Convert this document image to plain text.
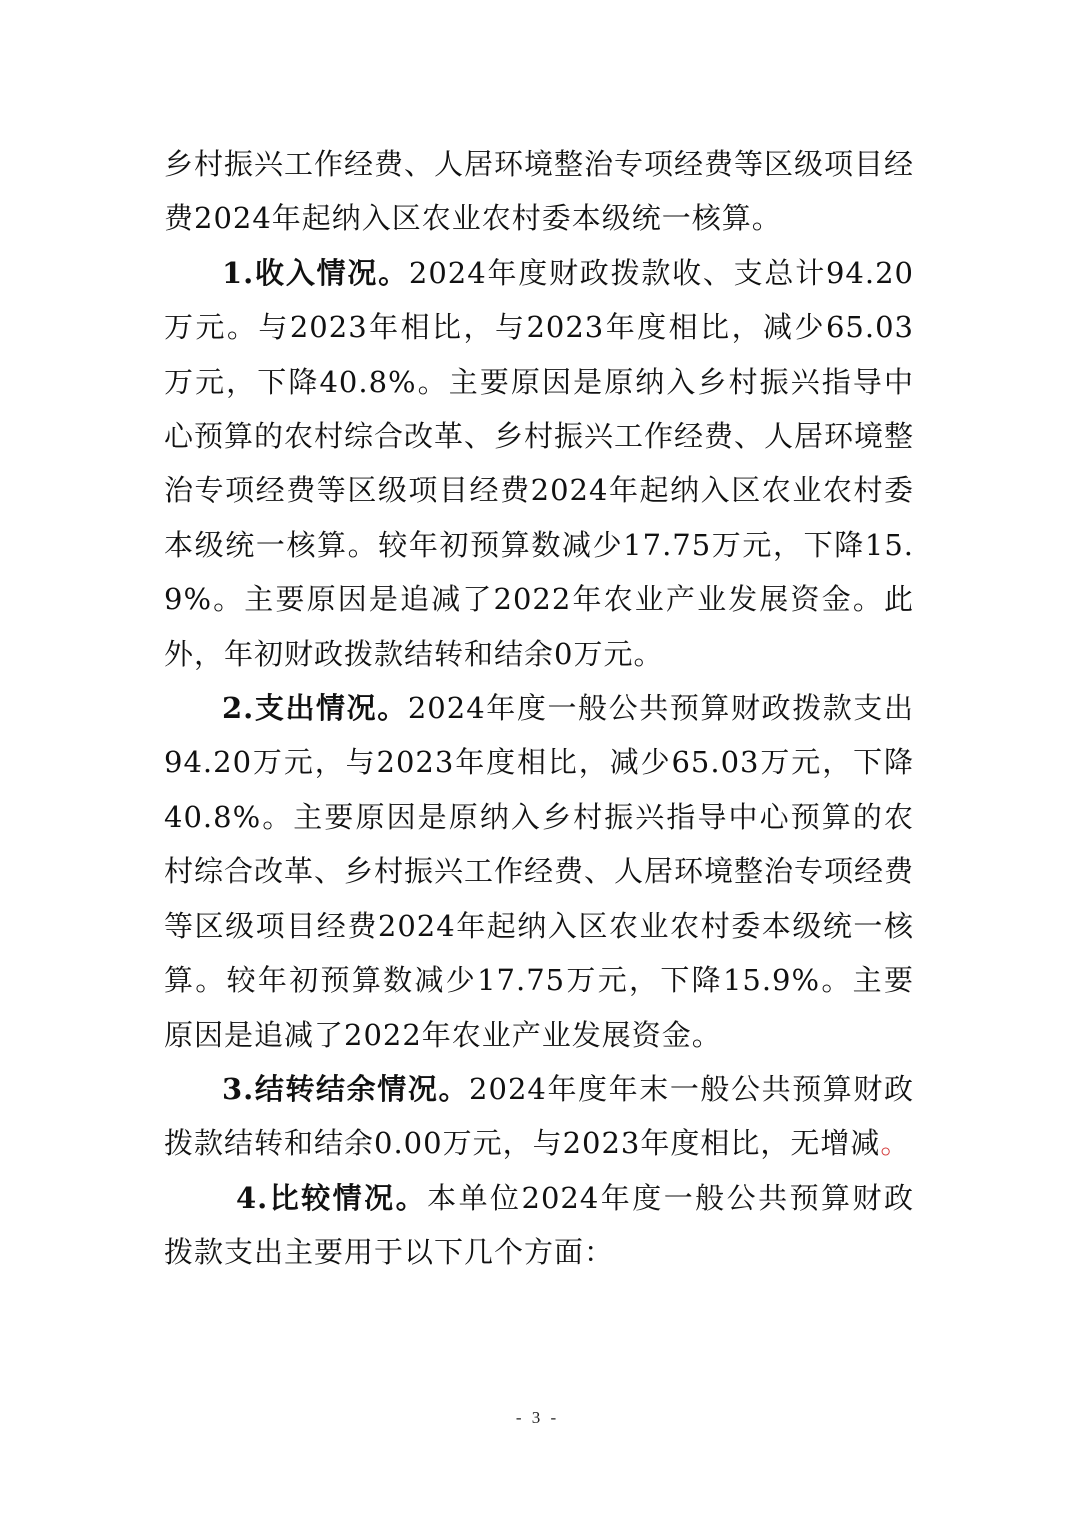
乡村振兴工作经费、人居环境整治专项经费等区级项目经费2024年起纳入区农业农村委本级统一核算。

1.收入情况。2024年度财政拨款收、支总计94.20万元。与2023年相比，与2023年度相比，减少65.03万元，下降40.8%。主要原因是原纳入乡村振兴指导中心预算的农村综合改革、乡村振兴工作经费、人居环境整治专项经费等区级项目经费2024年起纳入区农业农村委本级统一核算。较年初预算数减少17.75万元，下降15.9%。主要原因是追减了2022年农业产业发展资金。此外，年初财政拨款结转和结余0万元。

2.支出情况。2024年度一般公共预算财政拨款支出94.20万元，与2023年度相比，减少65.03万元，下降40.8%。主要原因是原纳入乡村振兴指导中心预算的农村综合改革、乡村振兴工作经费、人居环境整治专项经费等区级项目经费2024年起纳入区农业农村委本级统一核算。较年初预算数减少17.75万元，下降15.9%。主要原因是追减了2022年农业产业发展资金。

3.结转结余情况。2024年度年末一般公共预算财政拨款结转和结余0.00万元，与2023年度相比，无增减。

4.比较情况。本单位2024年度一般公共预算财政拨款支出主要用于以下几个方面：

- 3 -
